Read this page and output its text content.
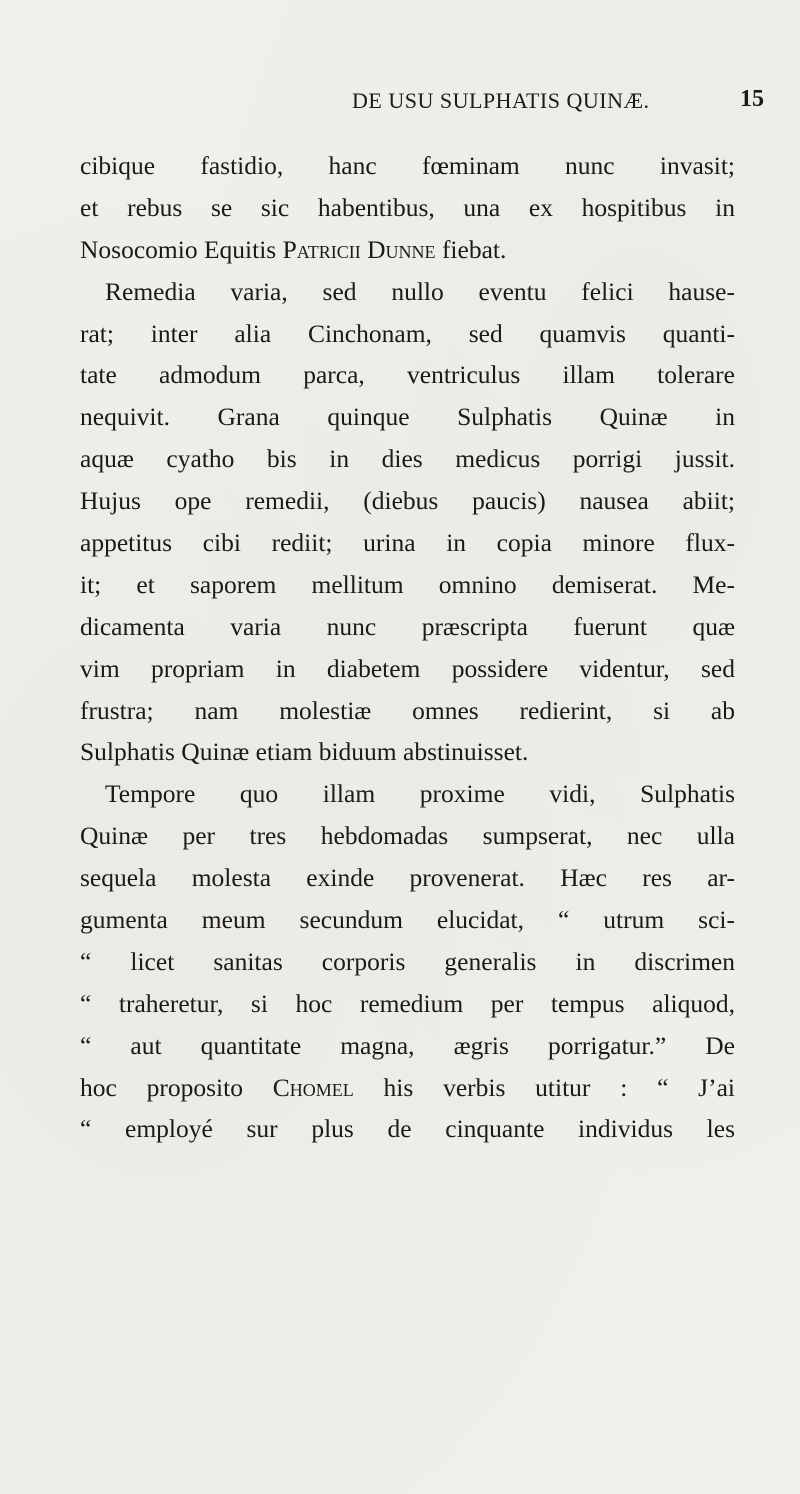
DE USU SULPHATIS QUINÆ.	15
cibique fastidio, hanc fœminam nunc invasit;
et rebus se sic habentibus, una ex hospitibus in
Nosocomio Equitis Patricii Dunne fiebat.
Remedia varia, sed nullo eventu felici hause-
rat; inter alia Cinchonam, sed quamvis quanti-
tate admodum parca, ventriculus illam tolerare
nequivit. Grana quinque Sulphatis Quinæ in
aquæ cyatho bis in dies medicus porrigi jussit.
Hujus ope remedii, (diebus paucis) nausea abiit;
appetitus cibi rediit; urina in copia minore flux-
it; et saporem mellitum omnino demiserat. Me-
dicamenta varia nunc præscripta fuerunt quæ
vim propriam in diabetem possidere videntur, sed
frustra; nam molestiæ omnes redierint, si ab
Sulphatis Quinæ etiam biduum abstinuisset.
Tempore quo illam proxime vidi, Sulphatis
Quinæ per tres hebdomadas sumpserat, nec ulla
sequela molesta exinde provenerat. Hæc res ar-
gumenta meum secundum elucidat, “ utrum sci-
“ licet sanitas corporis generalis in discrimen
“ traheretur, si hoc remedium per tempus aliquod,
“ aut quantitate magna, ægris porrigatur.” De
hoc proposito Chomel his verbis utitur : “ J’ai
“ employé sur plus de cinquante individus les
